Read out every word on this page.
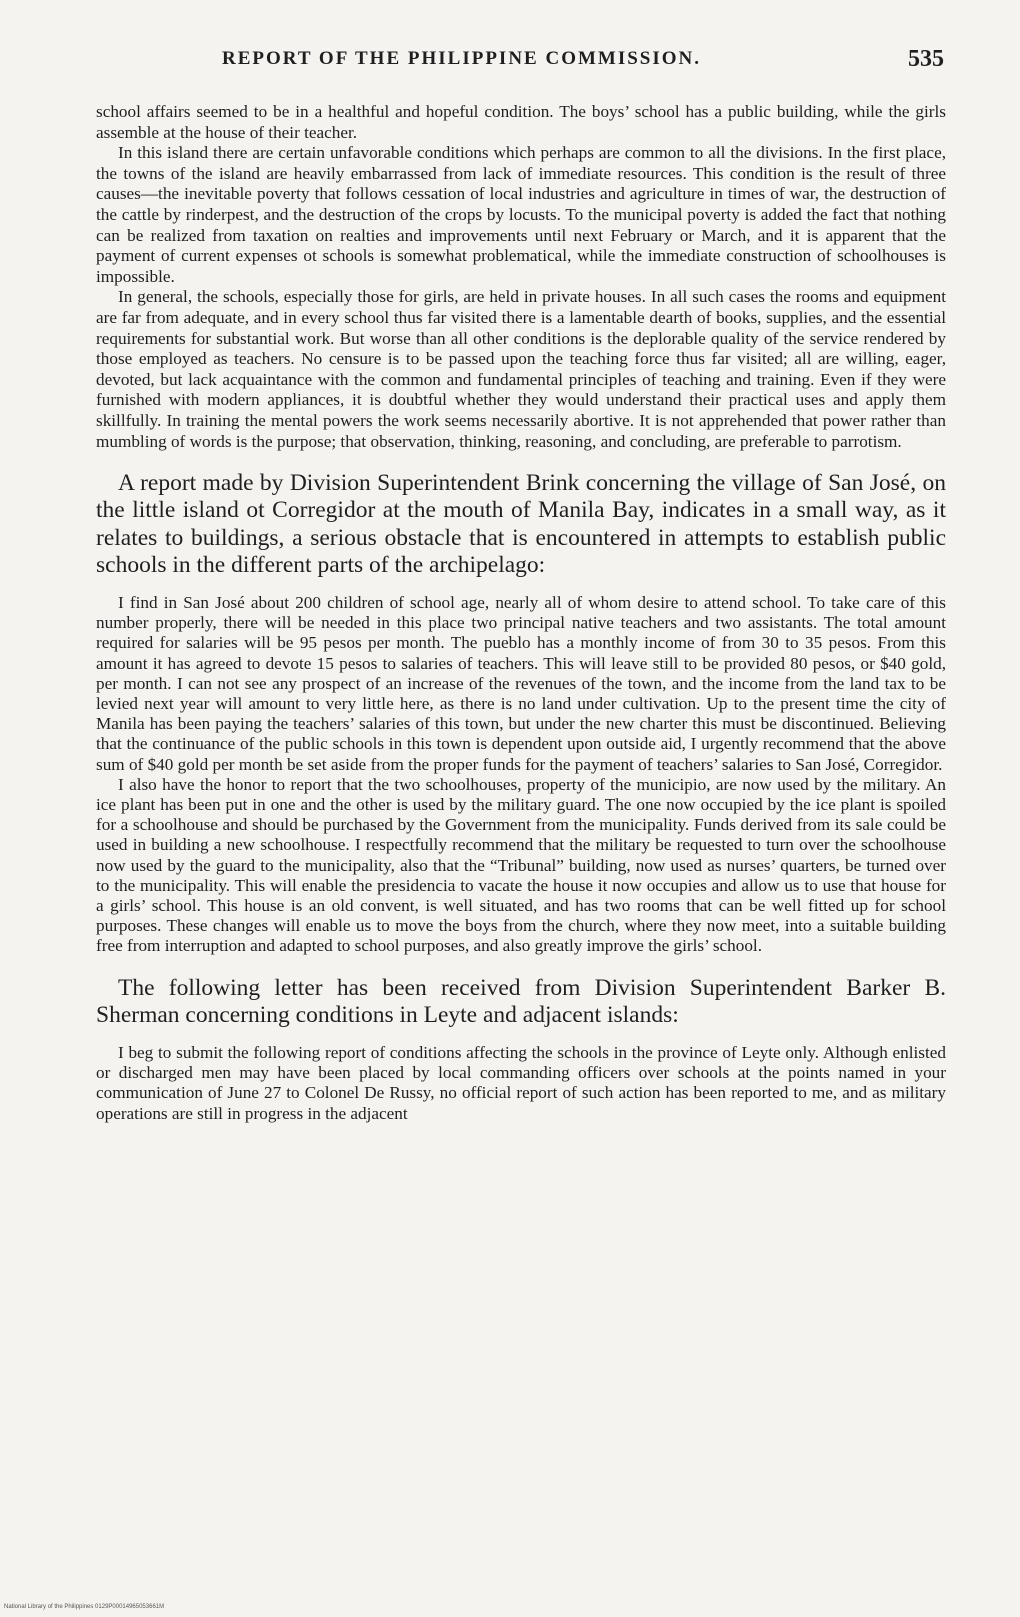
REPORT OF THE PHILIPPINE COMMISSION.	535

school affairs seemed to be in a healthful and hopeful condition. The boys’ school has a public building, while the girls assemble at the house of their teacher.

In this island there are certain unfavorable conditions which perhaps are common to all the divisions. In the first place, the towns of the island are heavily embarrassed from lack of immediate resources. This condition is the result of three causes—the inevitable poverty that follows cessation of local industries and agriculture in times of war, the destruction of the cattle by rinderpest, and the destruction of the crops by locusts. To the municipal poverty is added the fact that nothing can be realized from taxation on realties and improvements until next February or March, and it is apparent that the payment of current expenses ot schools is somewhat problematical, while the immediate construction of schoolhouses is impossible.

In general, the schools, especially those for girls, are held in private houses. In all such cases the rooms and equipment are far from adequate, and in every school thus far visited there is a lamentable dearth of books, supplies, and the essential requirements for substantial work. But worse than all other conditions is the deplorable quality of the service rendered by those employed as teachers. No censure is to be passed upon the teaching force thus far visited; all are willing, eager, devoted, but lack acquaintance with the common and fundamental principles of teaching and training. Even if they were furnished with modern appliances, it is doubtful whether they would understand their practical uses and apply them skillfully. In training the mental powers the work seems necessarily abortive. It is not apprehended that power rather than mumbling of words is the purpose; that observation, thinking, reasoning, and concluding, are preferable to parrotism.

A report made by Division Superintendent Brink concerning the village of San José, on the little island ot Corregidor at the mouth of Manila Bay, indicates in a small way, as it relates to buildings, a serious obstacle that is encountered in attempts to establish public schools in the different parts of the archipelago:

I find in San José about 200 children of school age, nearly all of whom desire to attend school. To take care of this number properly, there will be needed in this place two principal native teachers and two assistants. The total amount required for salaries will be 95 pesos per month. The pueblo has a monthly income of from 30 to 35 pesos. From this amount it has agreed to devote 15 pesos to salaries of teachers. This will leave still to be provided 80 pesos, or $40 gold, per month. I can not see any prospect of an increase of the revenues of the town, and the income from the land tax to be levied next year will amount to very little here, as there is no land under cultivation. Up to the present time the city of Manila has been paying the teachers’ salaries of this town, but under the new charter this must be discontinued. Believing that the continuance of the public schools in this town is dependent upon outside aid, I urgently recommend that the above sum of $40 gold per month be set aside from the proper funds for the payment of teachers’ salaries to San José, Corregidor.

I also have the honor to report that the two schoolhouses, property of the municipio, are now used by the military. An ice plant has been put in one and the other is used by the military guard. The one now occupied by the ice plant is spoiled for a schoolhouse and should be purchased by the Government from the municipality. Funds derived from its sale could be used in building a new schoolhouse. I respectfully recommend that the military be requested to turn over the schoolhouse now used by the guard to the municipality, also that the “Tribunal” building, now used as nurses’ quarters, be turned over to the municipality. This will enable the presidencia to vacate the house it now occupies and allow us to use that house for a girls’ school. This house is an old convent, is well situated, and has two rooms that can be well fitted up for school purposes. These changes will enable us to move the boys from the church, where they now meet, into a suitable building free from interruption and adapted to school purposes, and also greatly improve the girls’ school.

The following letter has been received from Division Superintendent Barker B. Sherman concerning conditions in Leyte and adjacent islands:

I beg to submit the following report of conditions affecting the schools in the province of Leyte only. Although enlisted or discharged men may have been placed by local commanding officers over schools at the points named in your communication of June 27 to Colonel De Russy, no official report of such action has been reported to me, and as military operations are still in progress in the adjacent

National Library of the Philippines 0129P00014965053661M
